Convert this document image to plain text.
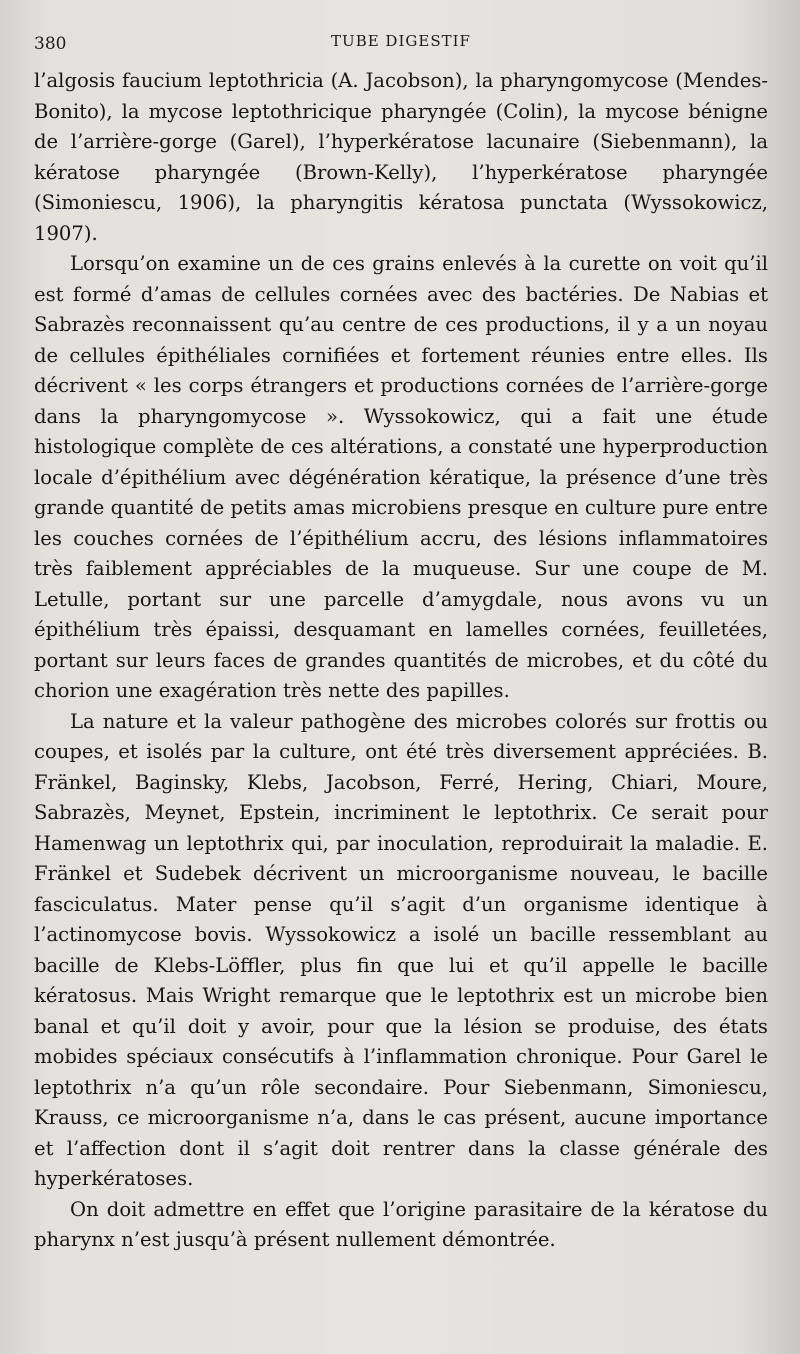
380	TUBE DIGESTIF

l’algosis faucium leptothricia (A. Jacobson), la pharyngomycose (Mendes-Bonito), la mycose leptothricique pharyngée (Colin), la mycose bénigne de l’arrière-gorge (Garel), l’hyperkératose lacunaire (Siebenmann), la kératose pharyngée (Brown-Kelly), l’hyperkératose pharyngée (Simoniescu, 1906), la pharyngitis kératosa punctata (Wyssokowicz, 1907).

Lorsqu’on examine un de ces grains enlevés à la curette on voit qu’il est formé d’amas de cellules cornées avec des bactéries. De Nabias et Sabrazès reconnaissent qu’au centre de ces productions, il y a un noyau de cellules épithéliales cornifiées et fortement réunies entre elles. Ils décrivent « les corps étrangers et productions cornées de l’arrière-gorge dans la pharyngomycose ». Wyssokowicz, qui a fait une étude histologique complète de ces altérations, a constaté une hyperproduction locale d’épithélium avec dégénération kératique, la présence d’une très grande quantité de petits amas microbiens presque en culture pure entre les couches cornées de l’épithélium accru, des lésions inflammatoires très faiblement appréciables de la muqueuse. Sur une coupe de M. Letulle, portant sur une parcelle d’amygdale, nous avons vu un épithélium très épaissi, desquamant en lamelles cornées, feuilletées, portant sur leurs faces de grandes quantités de microbes, et du côté du chorion une exagération très nette des papilles.

La nature et la valeur pathogène des microbes colorés sur frottis ou coupes, et isolés par la culture, ont été très diversement appréciées. B. Fränkel, Baginsky, Klebs, Jacobson, Ferré, Hering, Chiari, Moure, Sabrazès, Meynet, Epstein, incriminent le leptothrix. Ce serait pour Hamenwag un leptothrix qui, par inoculation, reproduirait la maladie. E. Fränkel et Sudebek décrivent un microorganisme nouveau, le bacille fasciculatus. Mater pense qu’il s’agit d’un organisme identique à l’actinomycose bovis. Wyssokowicz a isolé un bacille ressemblant au bacille de Klebs-Löffler, plus fin que lui et qu’il appelle le bacille kératosus. Mais Wright remarque que le leptothrix est un microbe bien banal et qu’il doit y avoir, pour que la lésion se produise, des états mobides spéciaux consécutifs à l’inflammation chronique. Pour Garel le leptothrix n’a qu’un rôle secondaire. Pour Siebenmann, Simoniescu, Krauss, ce microorganisme n’a, dans le cas présent, aucune importance et l’affection dont il s’agit doit rentrer dans la classe générale des hyperkératoses.

On doit admettre en effet que l’origine parasitaire de la kératose du pharynx n’est jusqu’à présent nullement démontrée.
